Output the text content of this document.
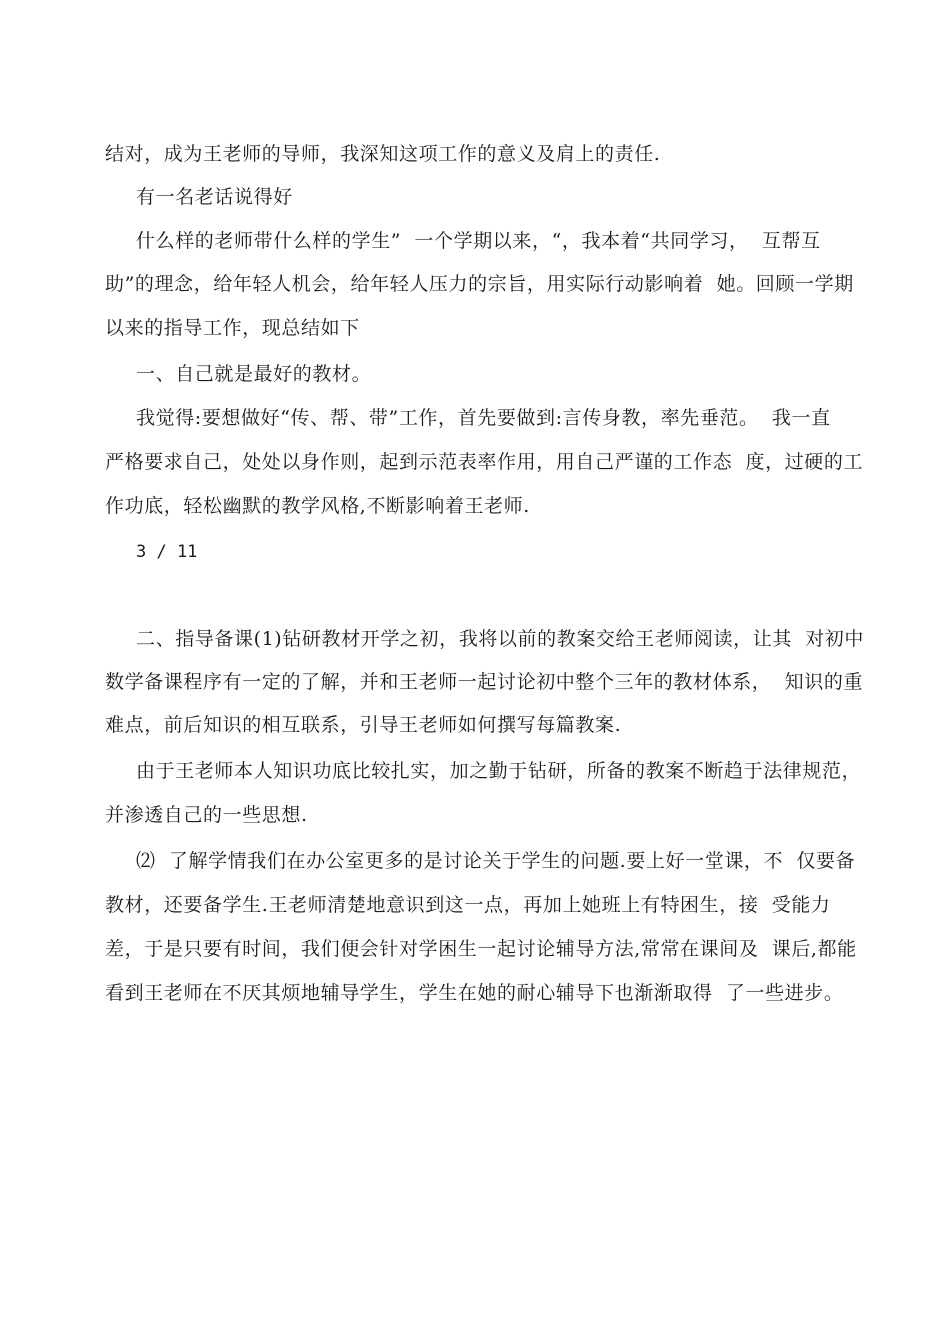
结对，成为王老师的导师，我深知这项工作的意义及肩上的责任.
有一名老话说得好
什么样的老师带什么样的学生”  一个学期以来，“，我本着“共同学习，  互帮互
助”的理念，给年轻人机会，给年轻人压力的宗旨，用实际行动影响着  她。回顾一学期
以来的指导工作，现总结如下
一、自己就是最好的教材。
我觉得:要想做好“传、帮、带”工作，首先要做到:言传身教，率先垂范。  我一直
严格要求自己，处处以身作则，起到示范表率作用，用自己严谨的工作态  度，过硬的工
作功底，轻松幽默的教学风格,不断影响着王老师.
3 / 11
二、指导备课(1)钻研教材开学之初，我将以前的教案交给王老师阅读，让其  对初中
数学备课程序有一定的了解，并和王老师一起讨论初中整个三年的教材体系，  知识的重
难点，前后知识的相互联系，引导王老师如何撰写每篇教案.
由于王老师本人知识功底比较扎实，加之勤于钻研，所备的教案不断趋于法律规范，
并渗透自己的一些思想.
⑵  了解学情我们在办公室更多的是讨论关于学生的问题.要上好一堂课，不  仅要备
教材，还要备学生.王老师清楚地意识到这一点，再加上她班上有特困生，接  受能力
差，于是只要有时间，我们便会针对学困生一起讨论辅导方法,常常在课间及  课后,都能
看到王老师在不厌其烦地辅导学生，学生在她的耐心辅导下也渐渐取得  了一些进步。
